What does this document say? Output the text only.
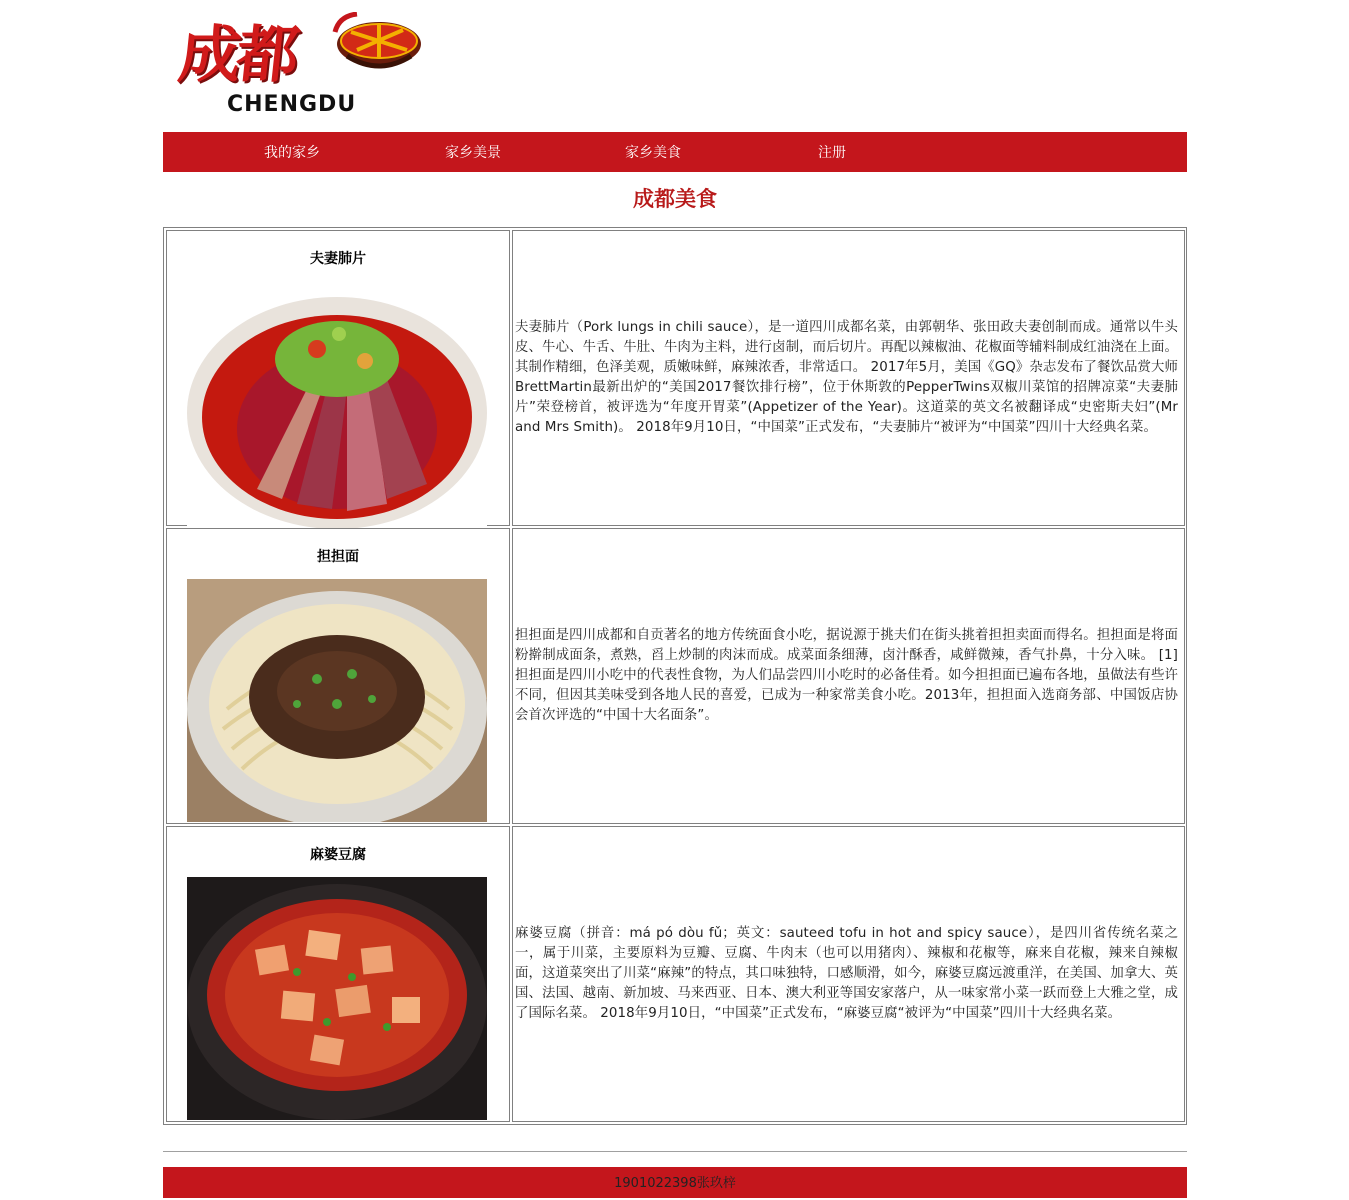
成都
CHENGDU
我的家乡	家乡美景	家乡美食	注册
成都美食
夫妻肺片
夫妻肺片（Pork lungs in chili sauce），是一道四川成都名菜，由郭朝华、张田政夫妻创制而成。通常以牛头皮、牛心、牛舌、牛肚、牛肉为主料，进行卤制，而后切片。再配以辣椒油、花椒面等辅料制成红油浇在上面。其制作精细，色泽美观，质嫩味鲜，麻辣浓香，非常适口。 2017年5月，美国《GQ》杂志发布了餐饮品赏大师BrettMartin最新出炉的“美国2017餐饮排行榜”，位于休斯敦的PepperTwins双椒川菜馆的招牌凉菜“夫妻肺片”荣登榜首，被评选为“年度开胃菜”(Appetizer of the Year)。这道菜的英文名被翻译成“史密斯夫妇”(Mr and Mrs Smith)。 2018年9月10日，“中国菜”正式发布，“夫妻肺片“被评为“中国菜”四川十大经典名菜。
担担面
担担面是四川成都和自贡著名的地方传统面食小吃，据说源于挑夫们在街头挑着担担卖面而得名。担担面是将面粉擀制成面条，煮熟，舀上炒制的肉沫而成。成菜面条细薄，卤汁酥香，咸鲜微辣，香气扑鼻，十分入味。 [1] 担担面是四川小吃中的代表性食物，为人们品尝四川小吃时的必备佳肴。如今担担面已遍布各地，虽做法有些许不同，但因其美味受到各地人民的喜爱，已成为一种家常美食小吃。2013年，担担面入选商务部、中国饭店协会首次评选的“中国十大名面条”。
麻婆豆腐
麻婆豆腐（拼音：má pó dòu fǔ；英文：sauteed tofu in hot and spicy sauce），是四川省传统名菜之一，属于川菜，主要原料为豆瓣、豆腐、牛肉末（也可以用猪肉）、辣椒和花椒等，麻来自花椒，辣来自辣椒面，这道菜突出了川菜“麻辣”的特点，其口味独特，口感顺滑，如今，麻婆豆腐远渡重洋，在美国、加拿大、英国、法国、越南、新加坡、马来西亚、日本、澳大利亚等国安家落户，从一味家常小菜一跃而登上大雅之堂，成了国际名菜。 2018年9月10日，“中国菜”正式发布，“麻婆豆腐“被评为“中国菜”四川十大经典名菜。
1901022398张玖梓
